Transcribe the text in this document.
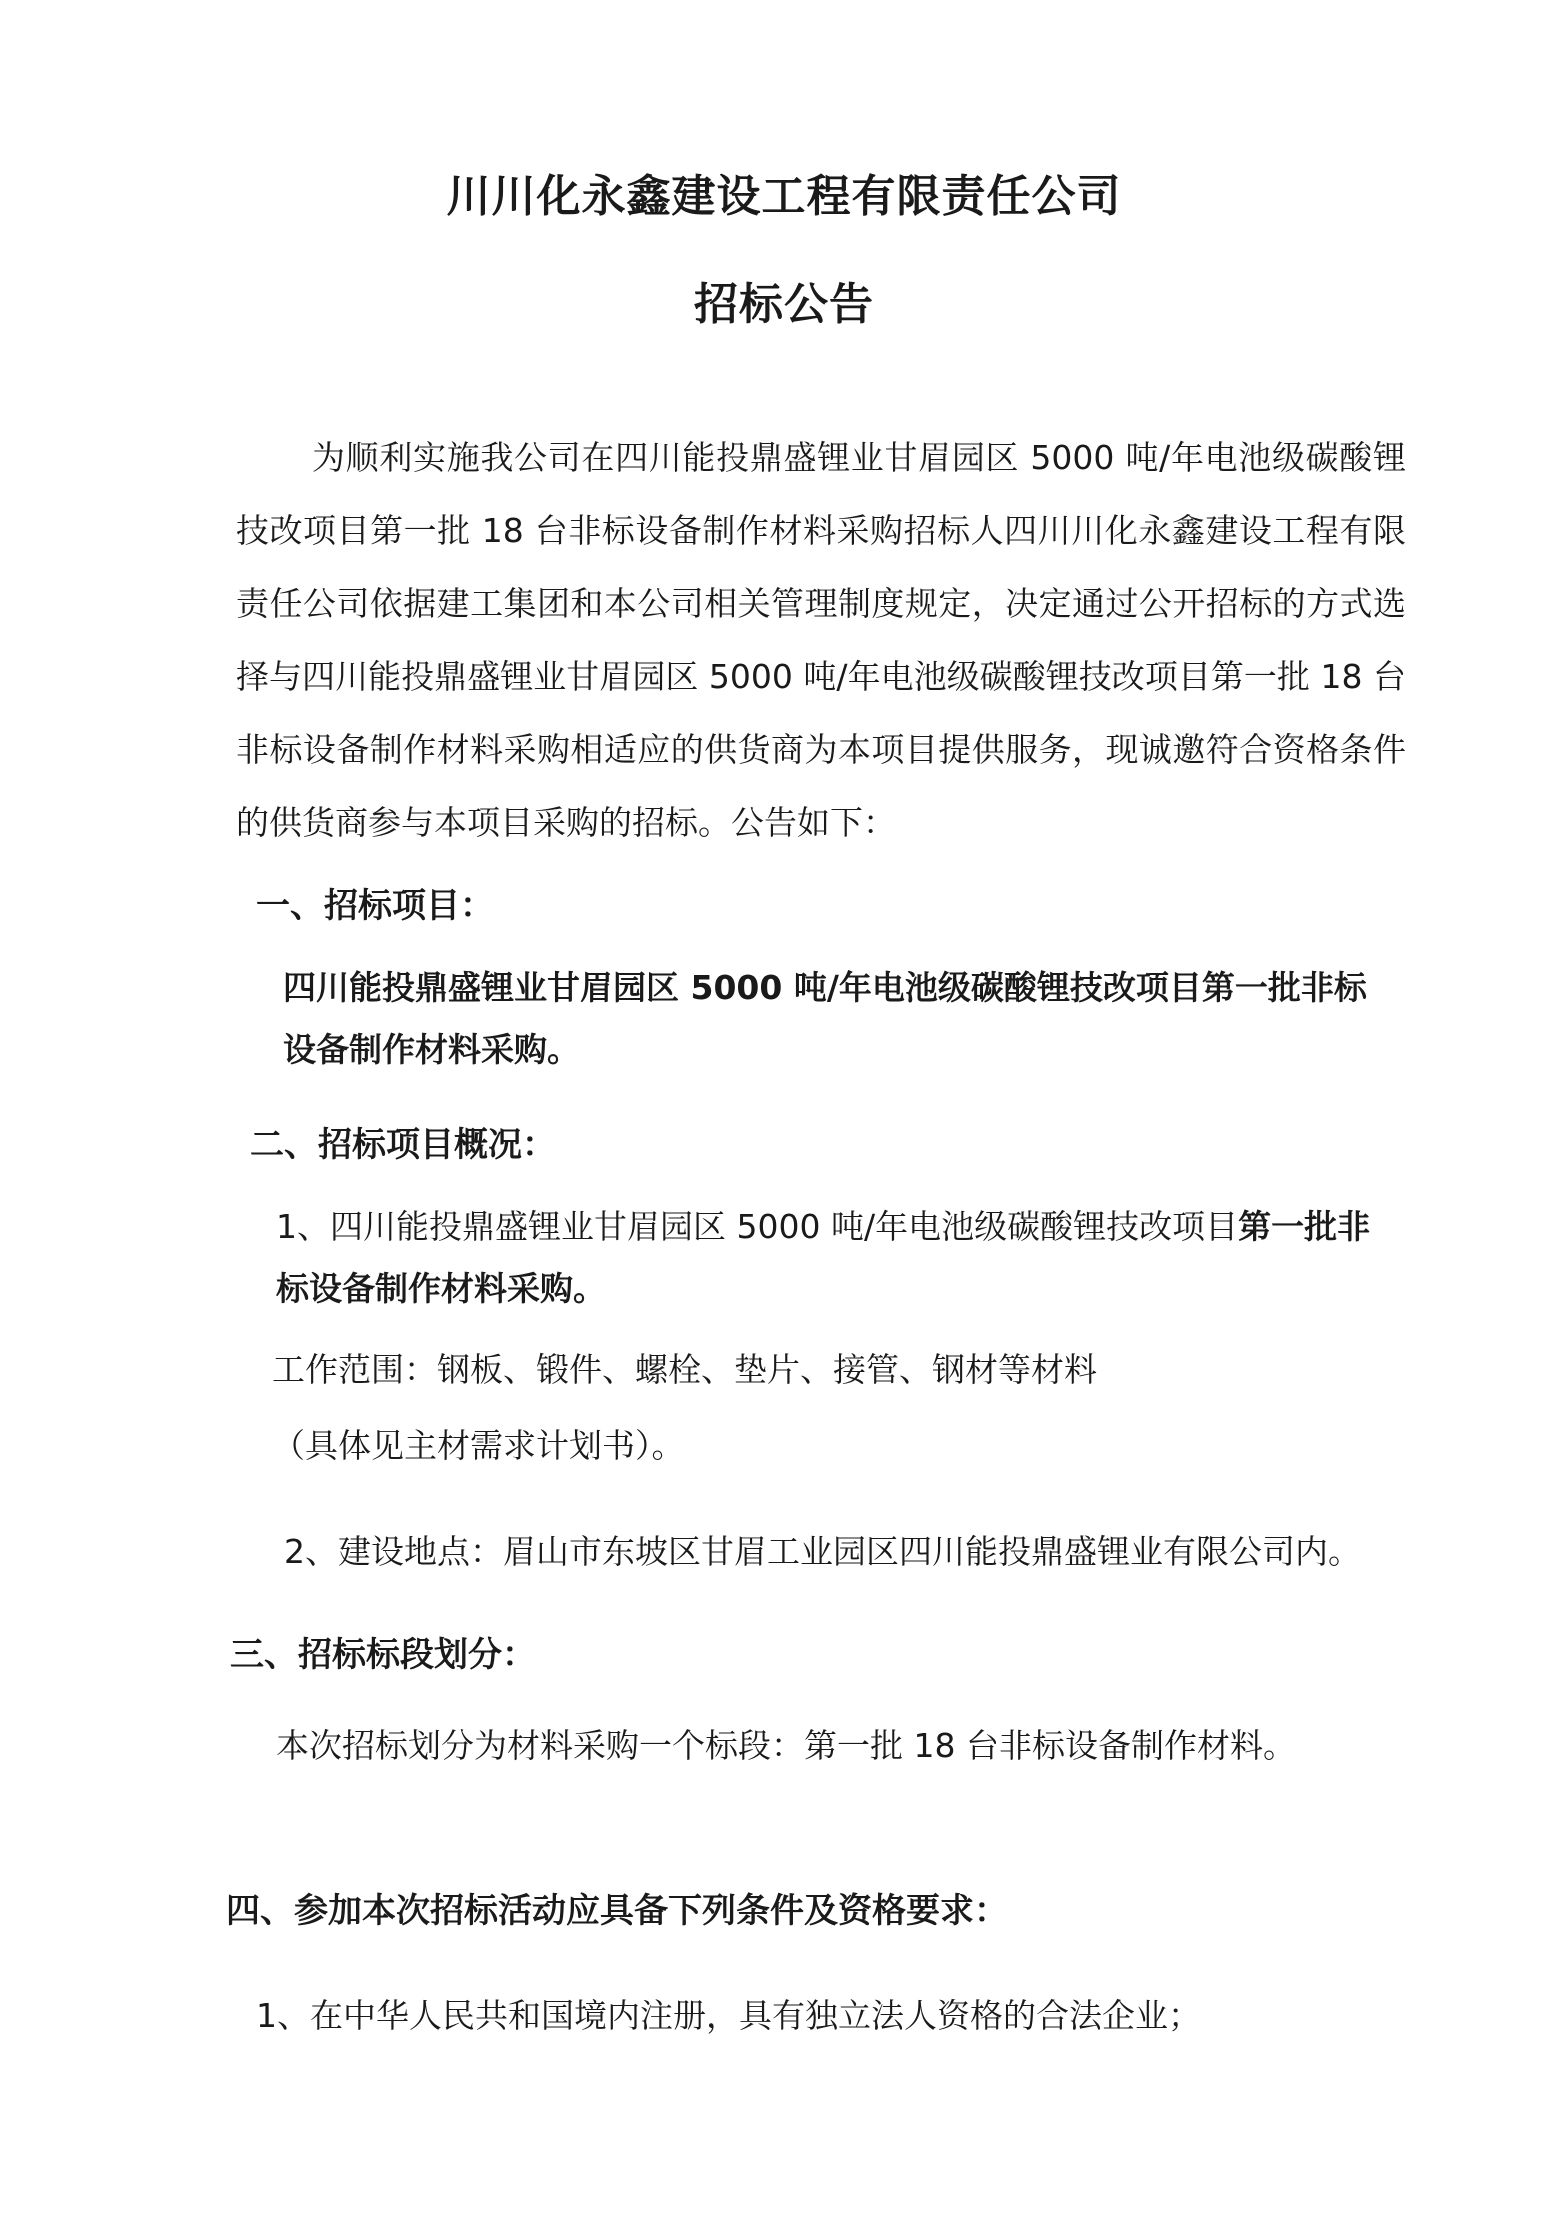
川川化永鑫建设工程有限责任公司
招标公告

为顺利实施我公司在四川能投鼎盛锂业甘眉园区 5000 吨/年电池级碳酸锂技改项目第一批 18 台非标设备制作材料采购招标人四川川化永鑫建设工程有限责任公司依据建工集团和本公司相关管理制度规定，决定通过公开招标的方式选择与四川能投鼎盛锂业甘眉园区 5000 吨/年电池级碳酸锂技改项目第一批 18 台非标设备制作材料采购相适应的供货商为本项目提供服务，现诚邀符合资格条件的供货商参与本项目采购的招标。公告如下：

一、招标项目：

四川能投鼎盛锂业甘眉园区 5000 吨/年电池级碳酸锂技改项目第一批非标设备制作材料采购。

二、招标项目概况：

1、四川能投鼎盛锂业甘眉园区 5000 吨/年电池级碳酸锂技改项目第一批非标设备制作材料采购。

工作范围：钢板、锻件、螺栓、垫片、接管、钢材等材料
（具体见主材需求计划书）。
2、建设地点：眉山市东坡区甘眉工业园区四川能投鼎盛锂业有限公司内。
三、招标标段划分：
本次招标划分为材料采购一个标段：第一批 18 台非标设备制作材料。
四、参加本次招标活动应具备下列条件及资格要求：
1、在中华人民共和国境内注册，具有独立法人资格的合法企业；
